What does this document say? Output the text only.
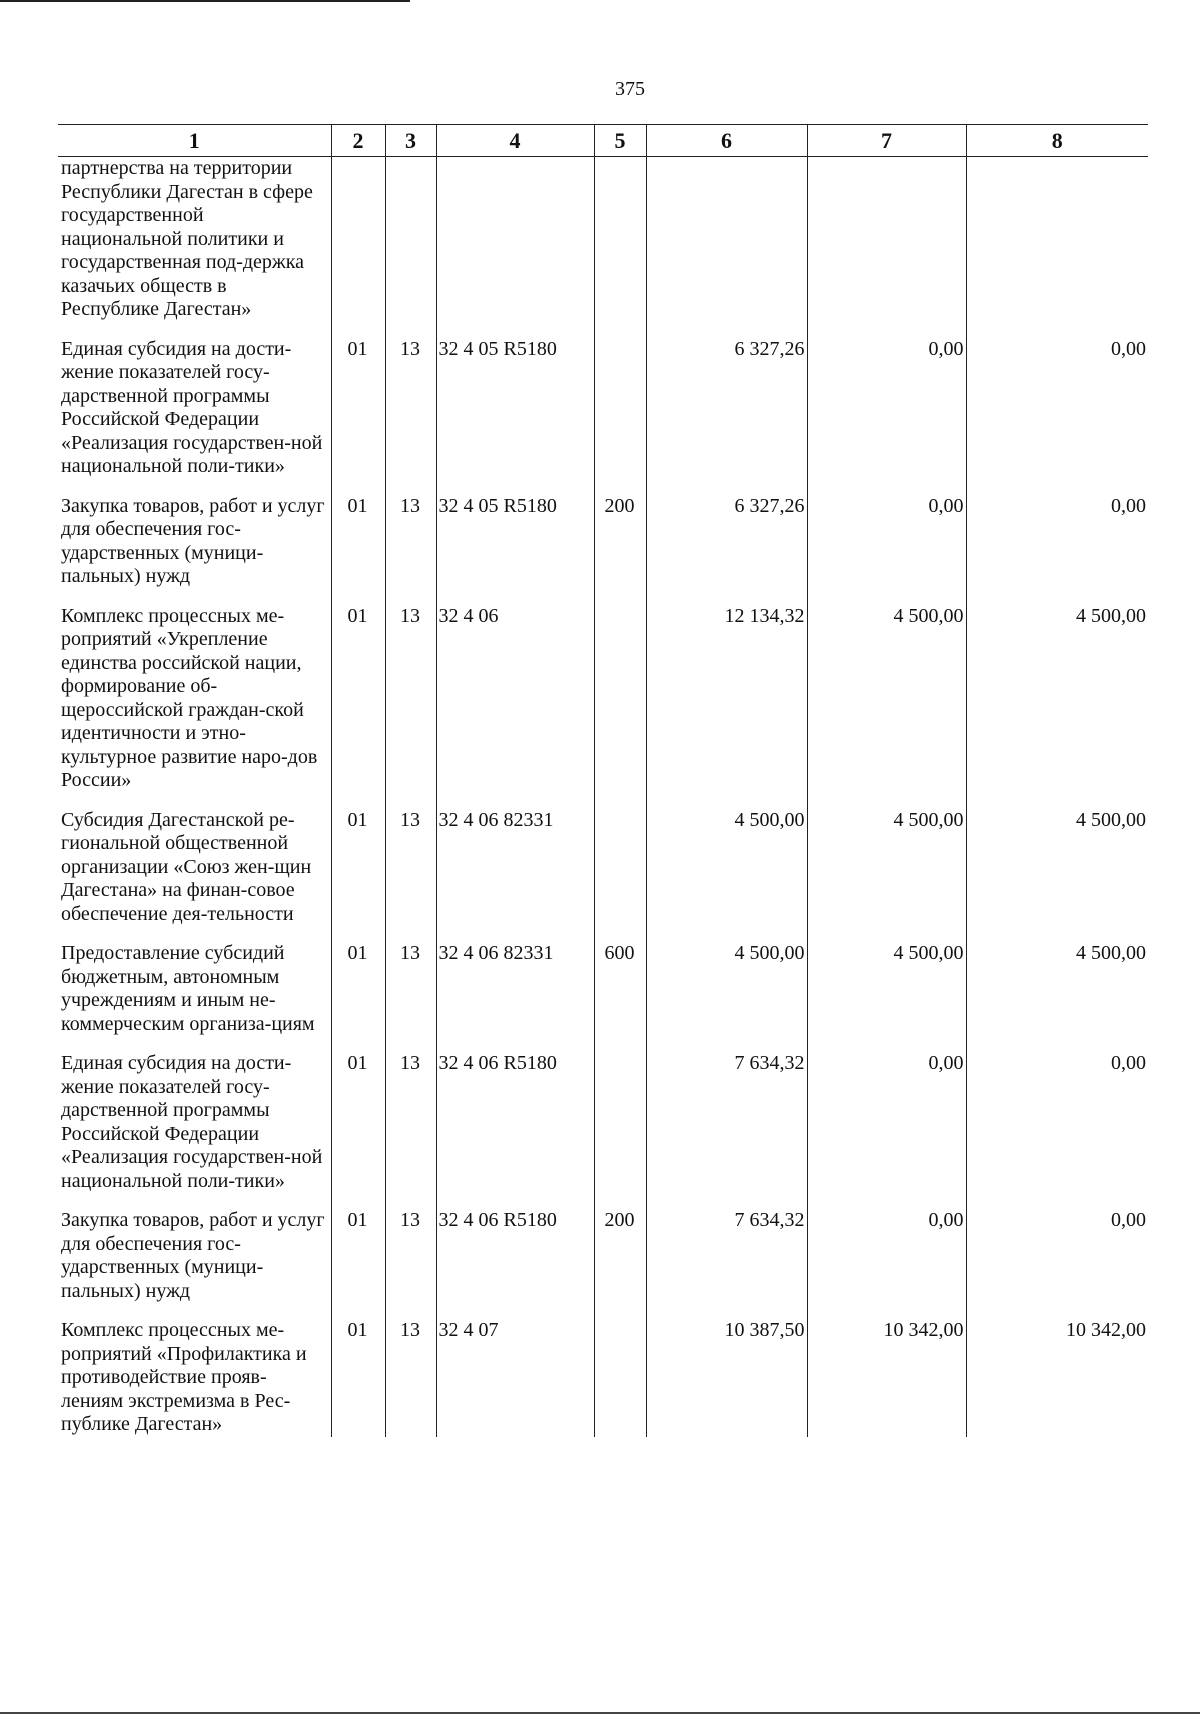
375
1	2	3	4	5	6	7	8
партнерства на территории Республики Дагестан в сфере государственной национальной политики и государственная под-держка казачьих обществ в Республике Дагестан»

Единая субсидия на дости-жение показателей госу-дарственной программы Российской Федерации «Реализация государствен-ной национальной поли-тики»	01	13	32 4 05 R5180		6 327,26	0,00	0,00

Закупка товаров, работ и услуг для обеспечения гос-ударственных (муници-пальных) нужд	01	13	32 4 05 R5180	200	6 327,26	0,00	0,00

Комплекс процессных ме-роприятий «Укрепление единства российской нации, формирование об-щероссийской граждан-ской идентичности и этно-культурное развитие наро-дов России»	01	13	32 4 06		12 134,32	4 500,00	4 500,00

Субсидия Дагестанской ре-гиональной общественной организации «Союз жен-щин Дагестана» на финан-совое обеспечение дея-тельности	01	13	32 4 06 82331		4 500,00	4 500,00	4 500,00

Предоставление субсидий бюджетным, автономным учреждениям и иным не-коммерческим организа-циям	01	13	32 4 06 82331	600	4 500,00	4 500,00	4 500,00

Единая субсидия на дости-жение показателей госу-дарственной программы Российской Федерации «Реализация государствен-ной национальной поли-тики»	01	13	32 4 06 R5180		7 634,32	0,00	0,00

Закупка товаров, работ и услуг для обеспечения гос-ударственных (муници-пальных) нужд	01	13	32 4 06 R5180	200	7 634,32	0,00	0,00

Комплекс процессных ме-роприятий «Профилактика и противодействие прояв-лениям экстремизма в Рес-публике Дагестан»	01	13	32 4 07		10 387,50	10 342,00	10 342,00
